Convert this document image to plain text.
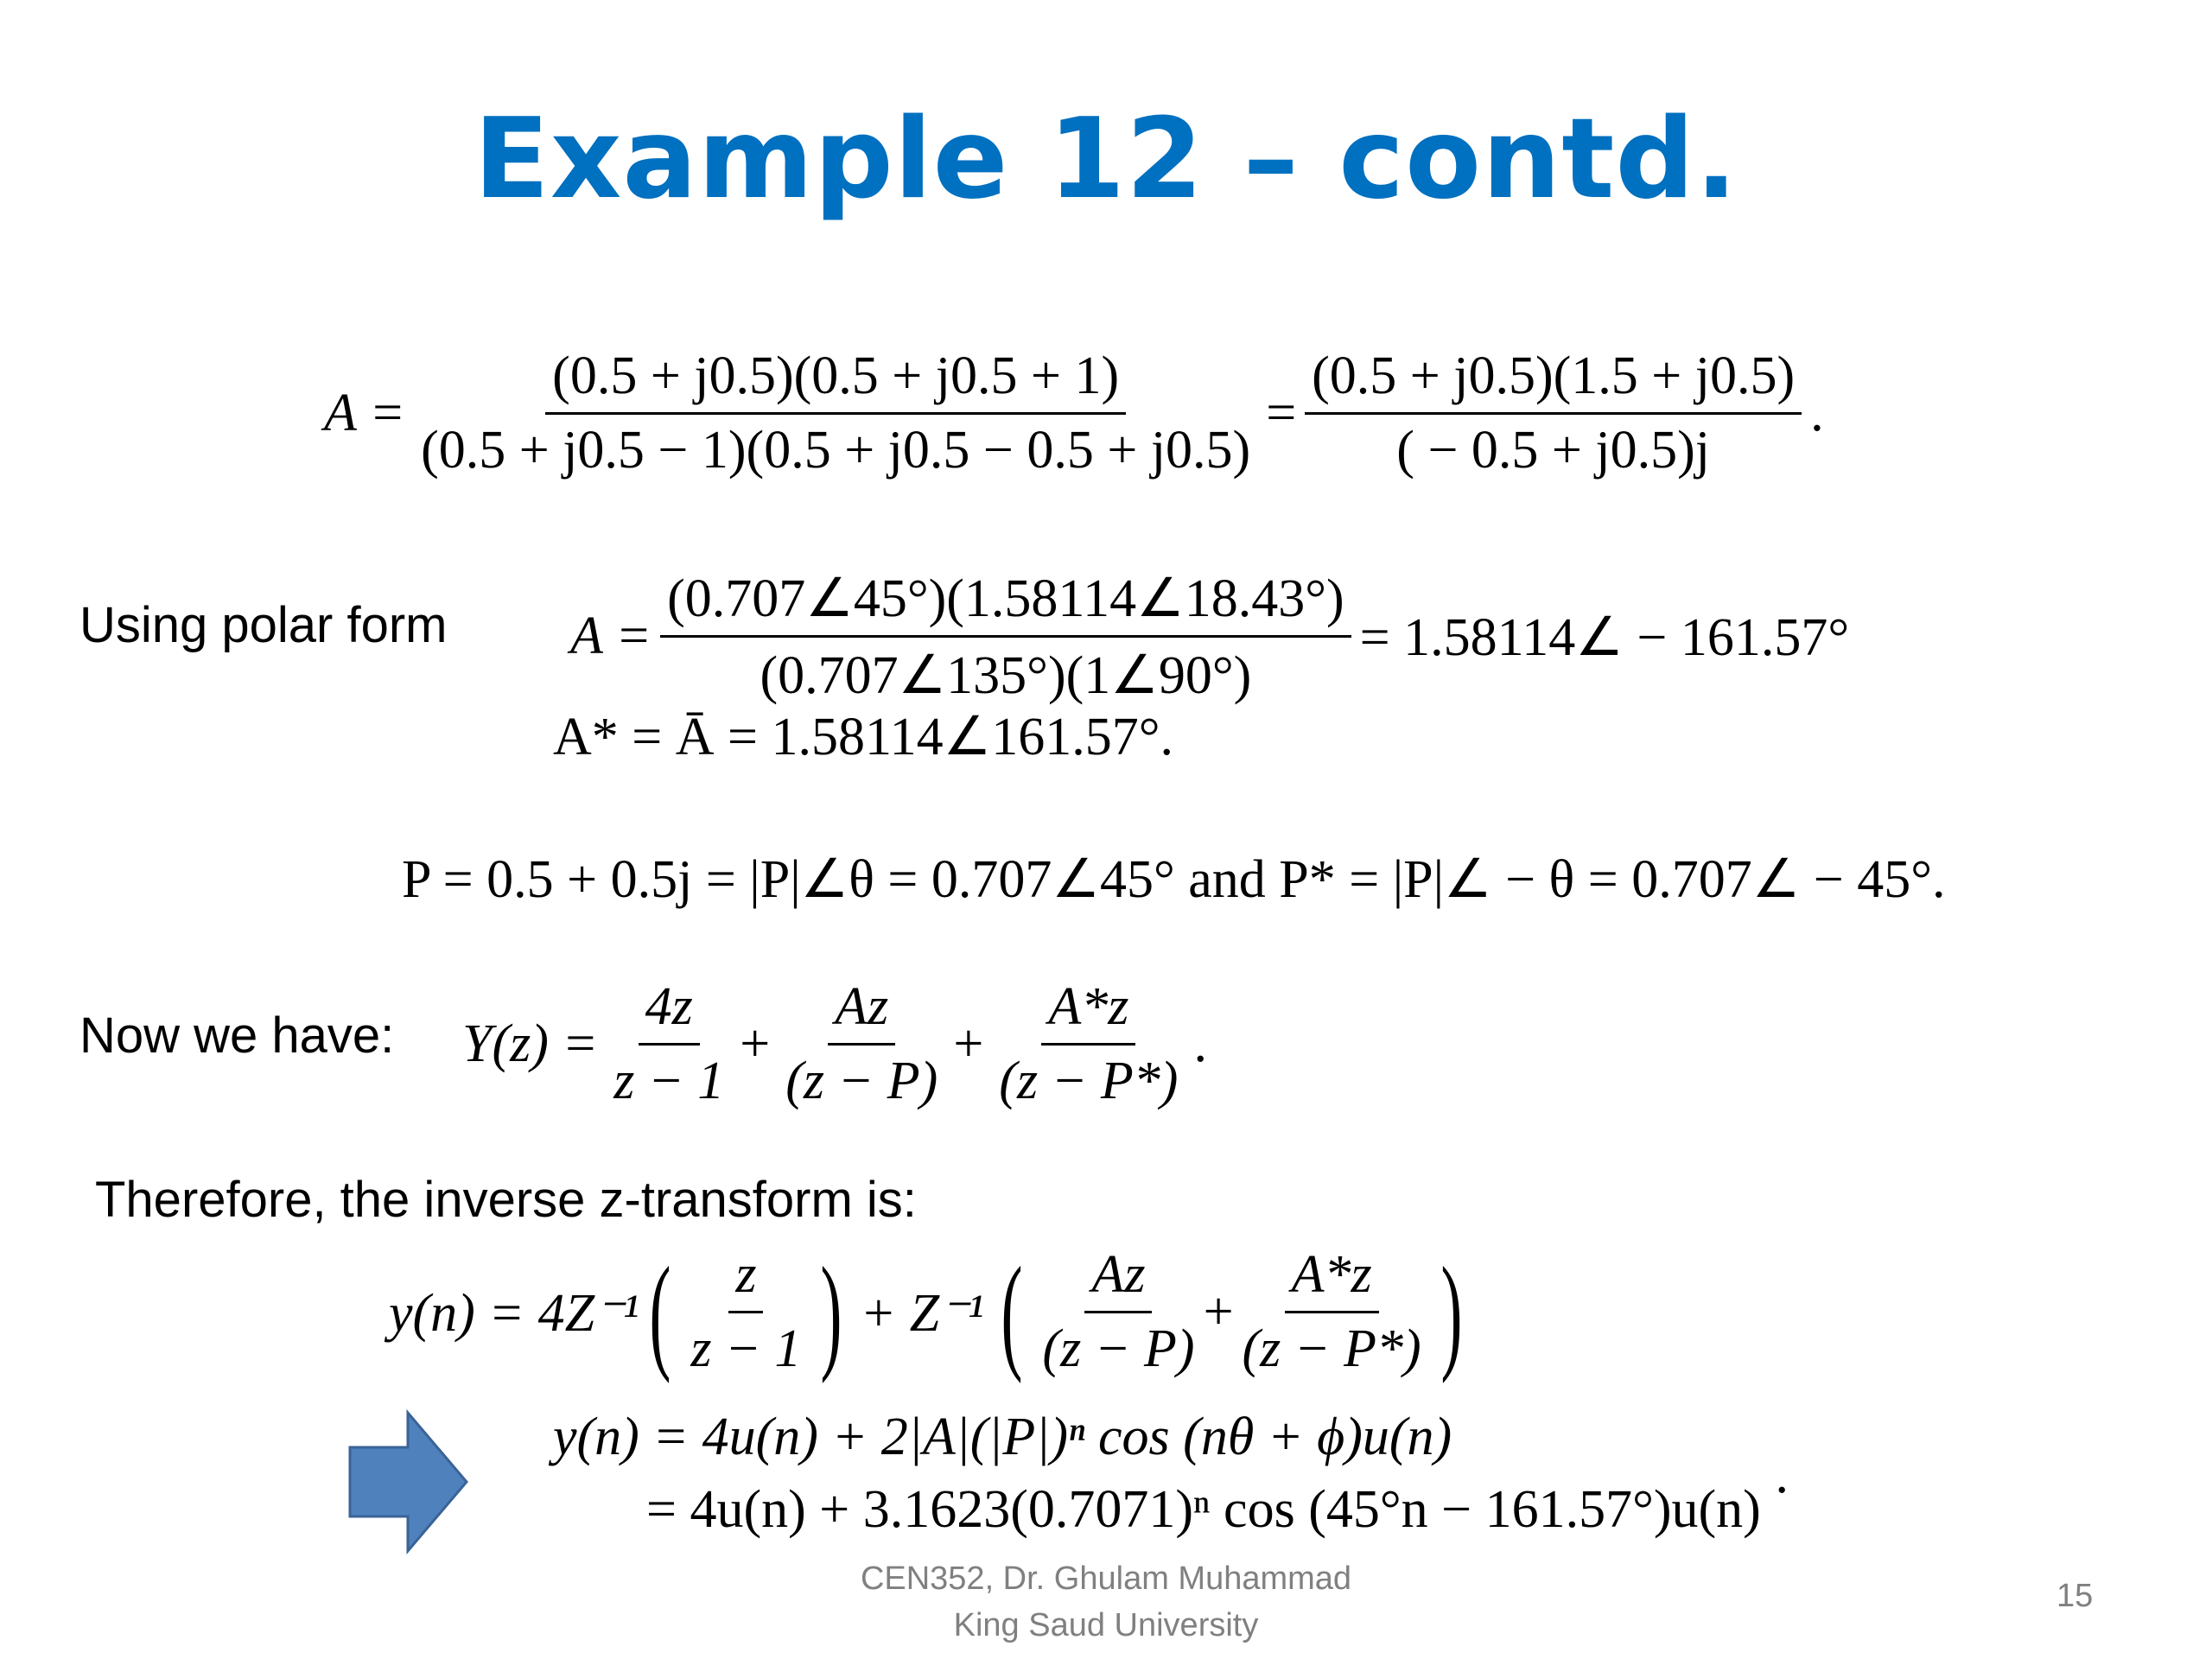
Example 12 – contd.
$A = \frac{(0.5 + j0.5)(0.5 + j0.5 + 1)}{(0.5 + j0.5 - 1)(0.5 + j0.5 - 0.5 + j0.5)} = \frac{(0.5 + j0.5)(1.5 + j0.5)}{( - 0.5 + j0.5)j}$ .
Using polar form $A = \frac{(0.707\angle 45^\circ)(1.58114\angle 18.43^\circ)}{(0.707\angle 135^\circ)(1\angle 90^\circ)}$ = 1.58114∠ − 161.57°
A* = Ā = 1.58114∠161.57°.
P = 0.5 + 0.5j = |P|∠θ = 0.707∠45° and P* = |P|∠ − θ = 0.707∠ − 45°.
Now we have: $Y(z) = \frac{4z}{z - 1} + \frac{Az}{(z - P)} + \frac{A*z}{(z - P*)}$ .
Therefore, the inverse z-transform is:
y(n) = 4Z⁻¹ ( $\frac{z}{z - 1}$ ) + Z⁻¹ ( $\frac{Az}{(z - P)} + \frac{A*z}{(z - P*)}$ )
y(n) = 4u(n) + 2|A|(|P|)ⁿ cos (nθ + ϕ)u(n)
= 4u(n) + 3.1623(0.7071)ⁿ cos (45°n − 161.57°)u(n) ·
CEN352, Dr. Ghulam Muhammad
King Saud University
15
